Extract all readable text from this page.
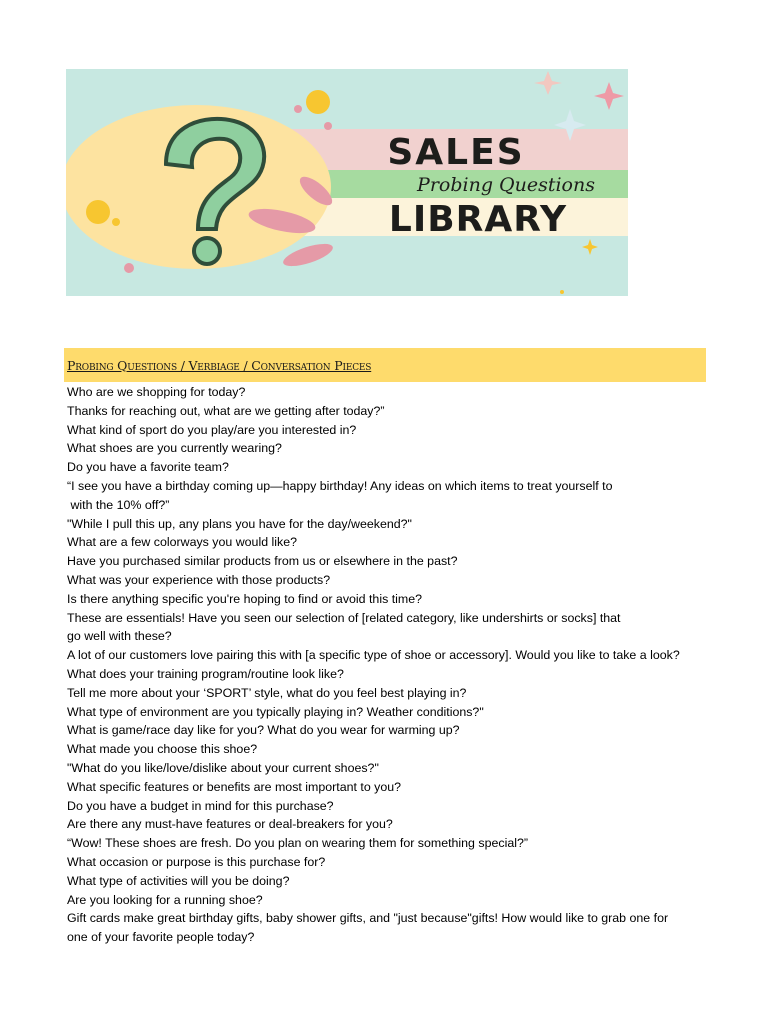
SALES
Probing Questions
LIBRARY
Probing Questions / Verbiage / Conversation Pieces
Who are we shopping for today?
Thanks for reaching out, what are we getting after today?”
What kind of sport do you play/are you interested in?
What shoes are you currently wearing?
Do you have a favorite team?
“I see you have a birthday coming up—happy birthday! Any ideas on which items to treat yourself to
with the 10% off?”
"While I pull this up, any plans you have for the day/weekend?"
What are a few colorways you would like?
Have you purchased similar products from us or elsewhere in the past?
What was your experience with those products?
Is there anything specific you're hoping to find or avoid this time?
These are essentials! Have you seen our selection of [related category, like undershirts or socks] that
go well with these?
A lot of our customers love pairing this with [a specific type of shoe or accessory]. Would you like to take a look?
What does your training program/routine look like?
Tell me more about your ‘SPORT’ style, what do you feel best playing in?
What type of environment are you typically playing in? Weather conditions?"
What is game/race day like for you? What do you wear for warming up?
What made you choose this shoe?
"What do you like/love/dislike about your current shoes?"
What specific features or benefits are most important to you?
Do you have a budget in mind for this purchase?
Are there any must-have features or deal-breakers for you?
“Wow! These shoes are fresh. Do you plan on wearing them for something special?”
What occasion or purpose is this purchase for?
What type of activities will you be doing?
Are you looking for a running shoe?
Gift cards make great birthday gifts, baby shower gifts, and "just because"gifts! How would like to grab one for
one of your favorite people today?
